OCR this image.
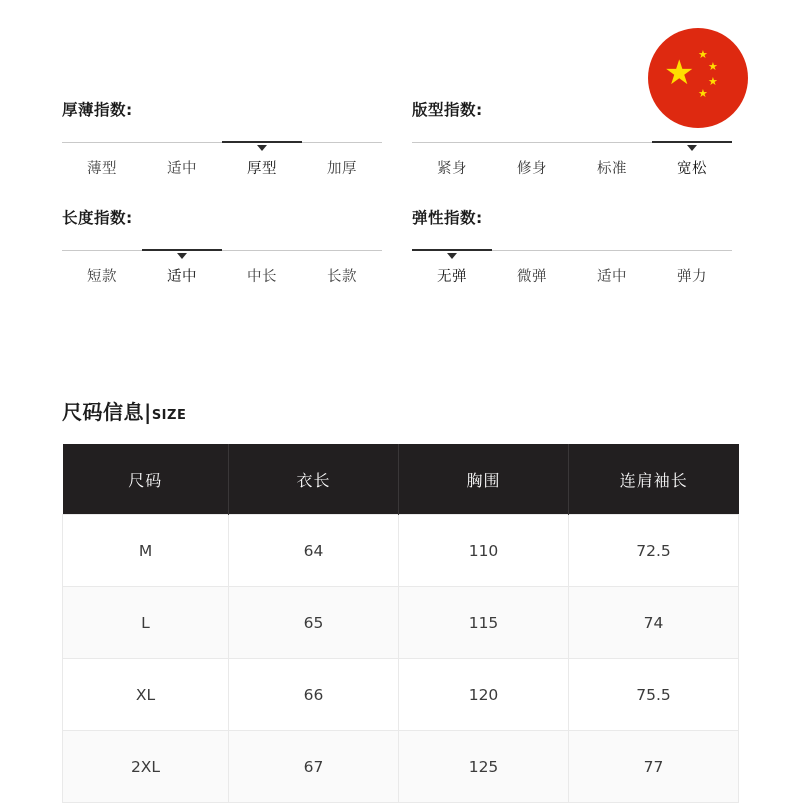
★ ★
★
★
★
厚薄指数:
薄型	适中	厚型	加厚
版型指数:
紧身	修身	标准	宽松
长度指数:
短款	适中	中长	长款
弹性指数:
无弹	微弹	适中	弹力
尺码信息|SIZE
尺码	衣长	胸围	连肩袖长
M	64	110	72.5
L	65	115	74
XL	66	120	75.5
2XL	67	125	77
